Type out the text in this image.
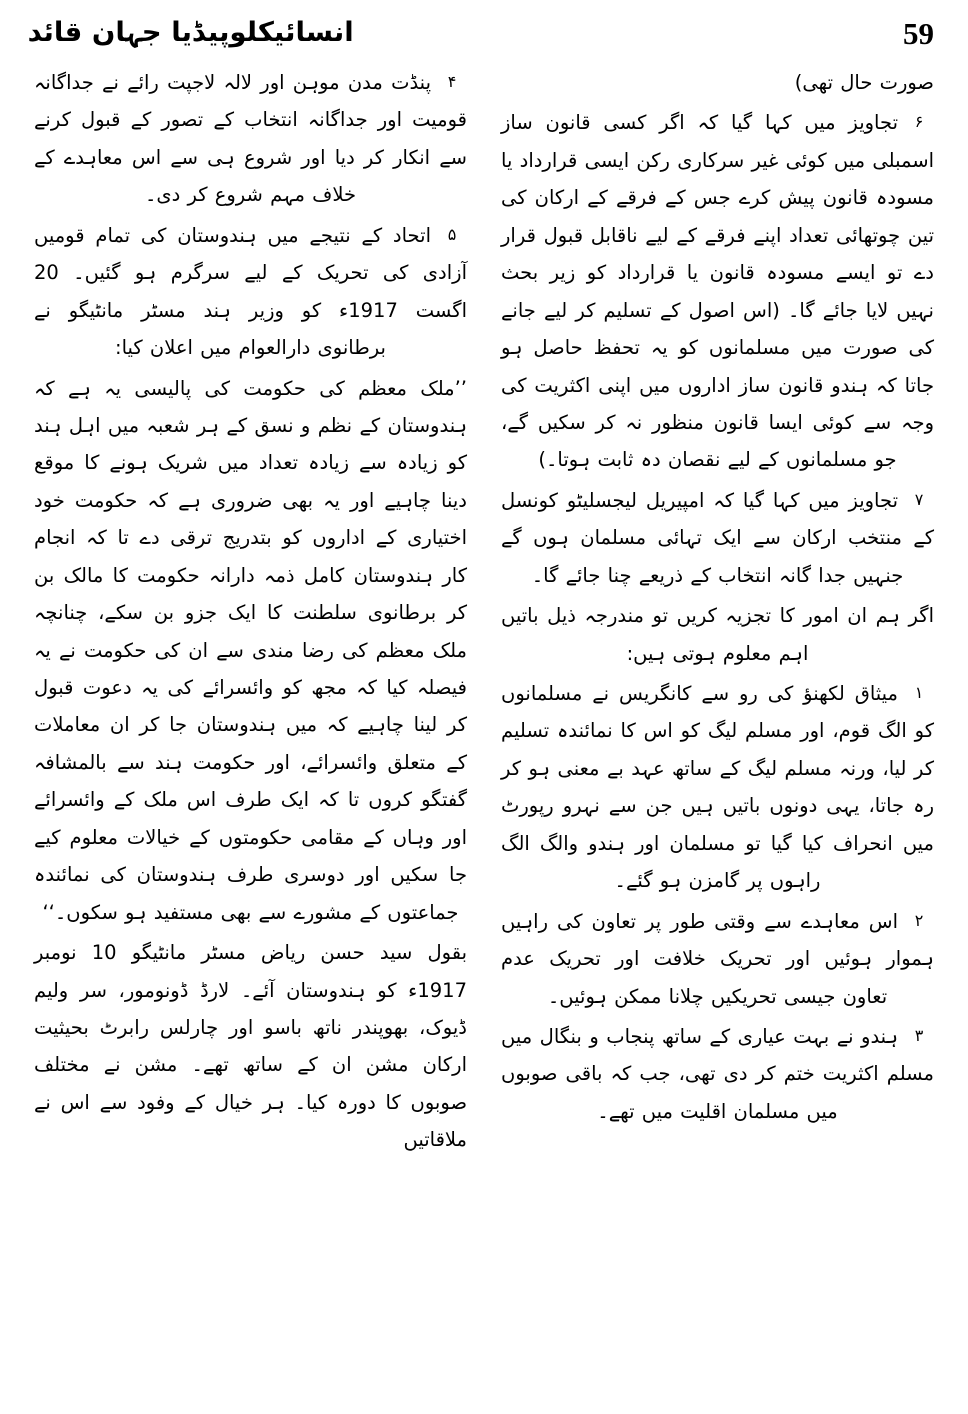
انسائیکلوپیڈیا جہان قائد	59

۴پنڈت مدن موہن اور لالہ لاجپت رائے نے جداگانہ قومیت اور جداگانہ انتخاب کے تصور کے قبول کرنے سے انکار کر دیا اور شروع ہی سے اس معاہدے کے خلاف مہم شروع کر دی۔

۵اتحاد کے نتیجے میں ہندوستان کی تمام قومیں آزادی کی تحریک کے لیے سرگرم ہو گئیں۔ 20 اگست 1917ء کو وزیر ہند مسٹر مانٹیگو نے برطانوی دارالعوام میں اعلان کیا:

’’ملک معظم کی حکومت کی پالیسی یہ ہے کہ ہندوستان کے نظم و نسق کے ہر شعبہ میں اہل ہند کو زیادہ سے زیادہ تعداد میں شریک ہونے کا موقع دینا چاہیے اور یہ بھی ضروری ہے کہ حکومت خود اختیاری کے اداروں کو بتدریج ترقی دے تا کہ انجام کار ہندوستان کامل ذمہ دارانہ حکومت کا مالک بن کر برطانوی سلطنت کا ایک جزو بن سکے، چنانچہ ملک معظم کی رضا مندی سے ان کی حکومت نے یہ فیصلہ کیا کہ مجھ کو وائسرائے کی یہ دعوت قبول کر لینا چاہیے کہ میں ہندوستان جا کر ان معاملات کے متعلق وائسرائے، اور حکومت ہند سے بالمشافہ گفتگو کروں تا کہ ایک طرف اس ملک کے وائسرائے اور وہاں کے مقامی حکومتوں کے خیالات معلوم کیے جا سکیں اور دوسری طرف ہندوستان کی نمائندہ جماعتوں کے مشورے سے بھی مستفید ہو سکوں۔‘‘

بقول سید حسن ریاض مسٹر مانٹیگو 10 نومبر 1917ء کو ہندوستان آئے۔ لارڈ ڈونومور، سر ولیم ڈیوک، بھوپندر ناتھ باسو اور چارلس رابرٹ بحیثیت ارکان مشن ان کے ساتھ تھے۔ مشن نے مختلف صوبوں کا دورہ کیا۔ ہر خیال کے وفود سے اس نے ملاقاتیں

صورت حال تھی)

۶تجاویز میں کہا گیا کہ اگر کسی قانون ساز اسمبلی میں کوئی غیر سرکاری رکن ایسی قرارداد یا مسودہ قانون پیش کرے جس کے فرقے کے ارکان کی تین چوتھائی تعداد اپنے فرقے کے لیے ناقابل قبول قرار دے تو ایسے مسودہ قانون یا قرارداد کو زیر بحث نہیں لایا جائے گا۔ (اس اصول کے تسلیم کر لیے جانے کی صورت میں مسلمانوں کو یہ تحفظ حاصل ہو جاتا کہ ہندو قانون ساز اداروں میں اپنی اکثریت کی وجہ سے کوئی ایسا قانون منظور نہ کر سکیں گے، جو مسلمانوں کے لیے نقصان دہ ثابت ہوتا۔)

۷تجاویز میں کہا گیا کہ امپیریل لیجسلیٹو کونسل کے منتخب ارکان سے ایک تہائی مسلمان ہوں گے جنہیں جدا گانہ انتخاب کے ذریعے چنا جائے گا۔

اگر ہم ان امور کا تجزیہ کریں تو مندرجہ ذیل باتیں اہم معلوم ہوتی ہیں:

۱میثاق لکھنؤ کی رو سے کانگریس نے مسلمانوں کو الگ قوم، اور مسلم لیگ کو اس کا نمائندہ تسلیم کر لیا، ورنہ مسلم لیگ کے ساتھ عہد بے معنی ہو کر رہ جاتا، یہی دونوں باتیں ہیں جن سے نہرو رپورٹ میں انحراف کیا گیا تو مسلمان اور ہندو والگ الگ راہوں پر گامزن ہو گئے۔

۲اس معاہدے سے وقتی طور پر تعاون کی راہیں ہموار ہوئیں اور تحریک خلافت اور تحریک عدم تعاون جیسی تحریکیں چلانا ممکن ہوئیں۔

۳ہندو نے بہت عیاری کے ساتھ پنجاب و بنگال میں مسلم اکثریت ختم کر دی تھی، جب کہ باقی صوبوں میں مسلمان اقلیت میں تھے۔
